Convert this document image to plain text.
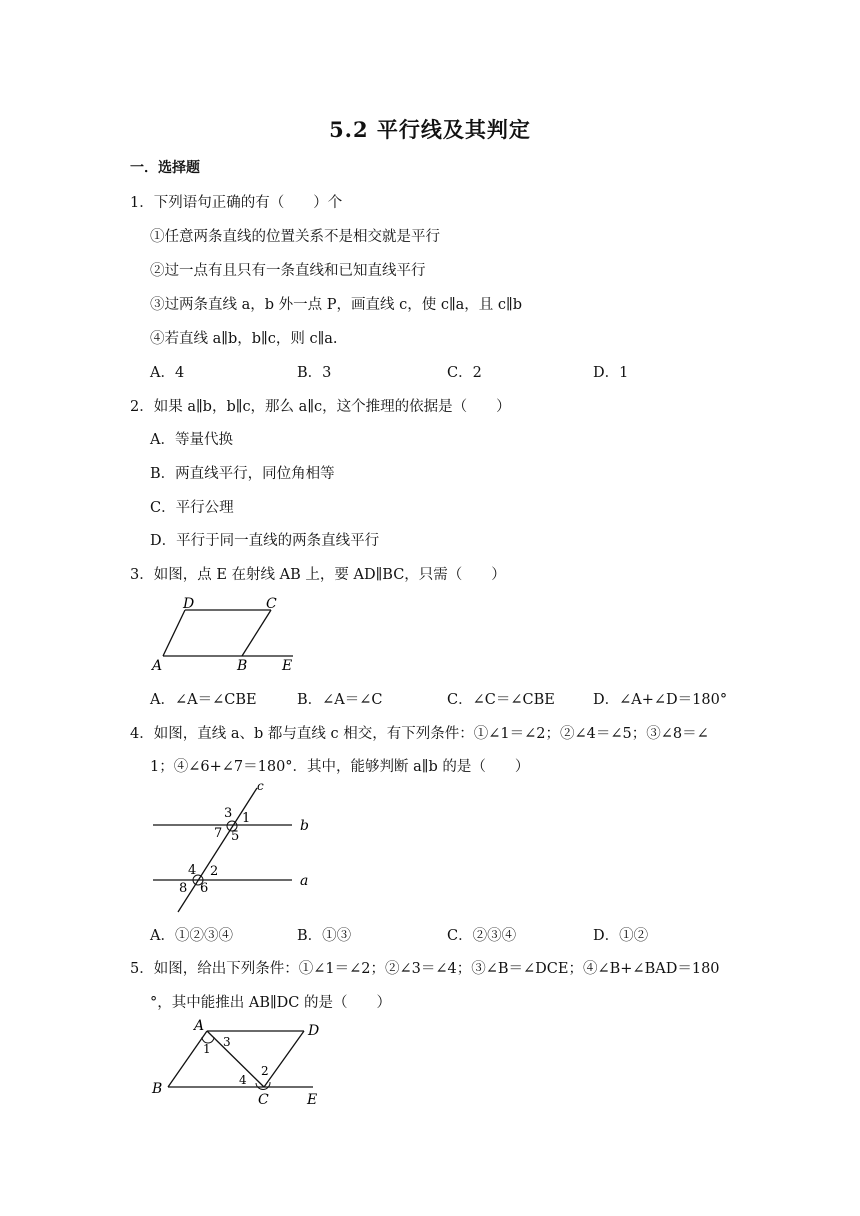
5.2 平行线及其判定
一．选择题
1．下列语句正确的有（　　）个
①任意两条直线的位置关系不是相交就是平行
②过一点有且只有一条直线和已知直线平行
③过两条直线 a，b 外一点 P，画直线 c，使 c∥a，且 c∥b
④若直线 a∥b，b∥c，则 c∥a.
A．4	B．3	C．2	D．1
2．如果 a∥b，b∥c，那么 a∥c，这个推理的依据是（　　）
A．等量代换
B．两直线平行，同位角相等
C．平行公理
D．平行于同一直线的两条直线平行
3．如图，点 E 在射线 AB 上，要 AD∥BC，只需（　　）
D	C
A	B E
A．∠A＝∠CBE	B．∠A＝∠C	C．∠C＝∠CBE	D．∠A+∠D＝180°
4．如图，直线 a、b 都与直线 c 相交，有下列条件：①∠1＝∠2；②∠4＝∠5；③∠8＝∠
1；④∠6+∠7＝180°．其中，能够判断 a∥b 的是（　　）
c
b
a
3 1
7 5
4 2
8 6
A．①②③④	B．①③	C．②③④	D．①②
5．如图，给出下列条件：①∠1＝∠2；②∠3＝∠4；③∠B＝∠DCE；④∠B+∠BAD＝180
°，其中能推出 AB∥DC 的是（　　）
A	D
1 3
4
2
B
C	E
